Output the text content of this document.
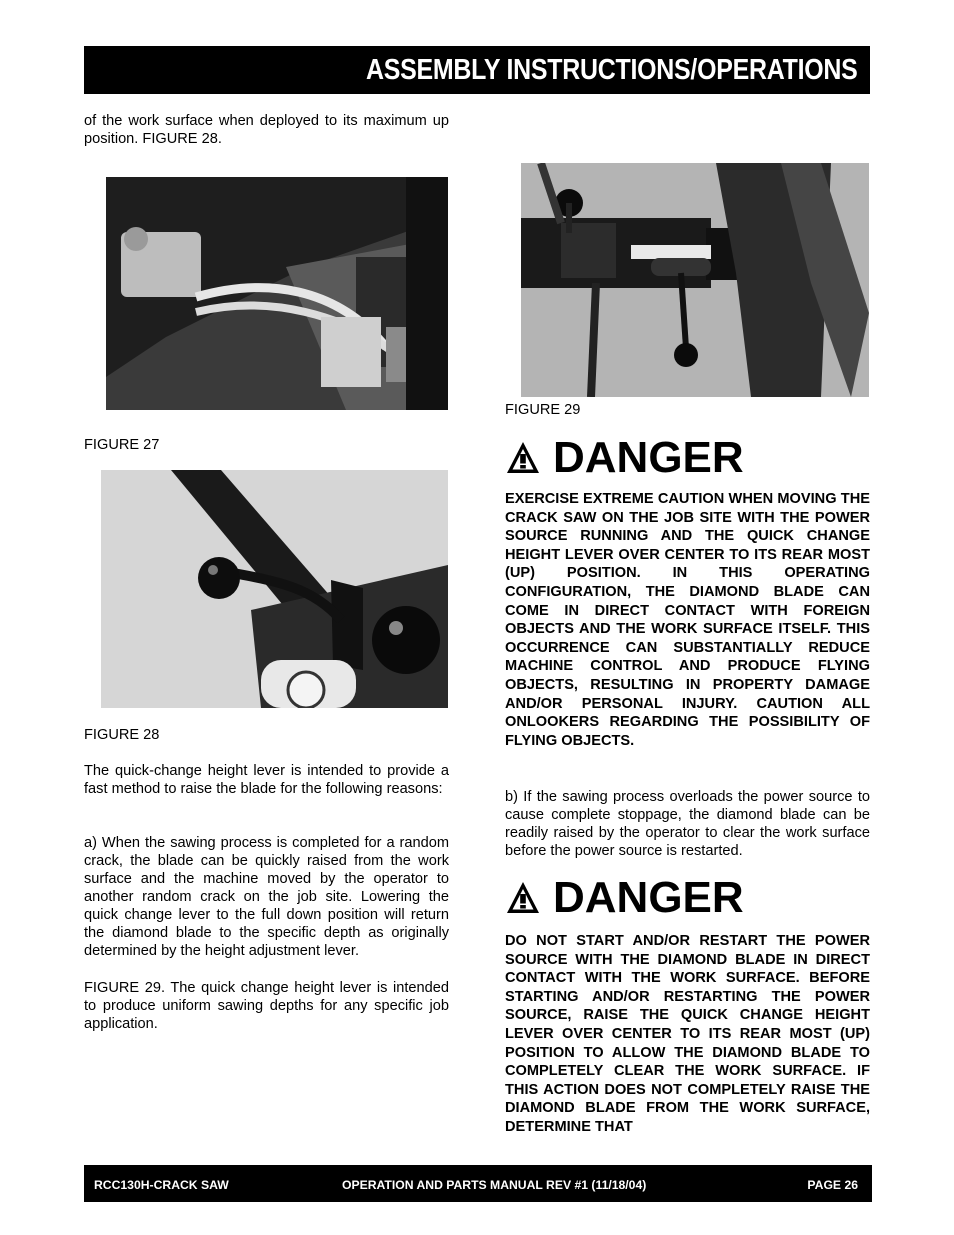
ASSEMBLY INSTRUCTIONS/OPERATIONS

of the work surface when deployed to its maximum up position. FIGURE 28.

FIGURE 27
FIGURE 28

The quick-change height lever is intended to provide a fast method to raise the blade for the following reasons:

a) When the sawing process is completed for a random crack, the blade can be quickly raised from the work surface and the machine moved by the operator to another random crack on the job site. Lowering the quick change lever to the full down position will return the diamond blade to the specific depth as originally determined by the height adjustment lever.

FIGURE 29. The quick change height lever is intended to produce uniform sawing depths for any specific job application.

FIGURE 29
DANGER

EXERCISE EXTREME CAUTION WHEN MOVING THE CRACK SAW ON THE JOB SITE WITH THE POWER SOURCE RUNNING AND THE QUICK CHANGE HEIGHT LEVER OVER CENTER TO ITS REAR MOST (UP) POSITION. IN THIS OPERATING CONFIGURATION, THE DIAMOND BLADE CAN COME IN DIRECT CONTACT WITH FOREIGN OBJECTS AND THE WORK SURFACE ITSELF. THIS OCCURRENCE CAN SUBSTANTIALLY REDUCE MACHINE CONTROL AND PRODUCE FLYING OBJECTS, RESULTING IN PROPERTY DAMAGE AND/OR PERSONAL INJURY. CAUTION ALL ONLOOKERS REGARDING THE POSSIBILITY OF FLYING OBJECTS.

b) If the sawing process overloads the power source to cause complete stoppage, the diamond blade can be readily raised by the operator to clear the work surface before the power source is restarted.

DANGER

DO NOT START AND/OR RESTART THE POWER SOURCE WITH THE DIAMOND BLADE IN DIRECT CONTACT WITH THE WORK SURFACE. BEFORE STARTING AND/OR RESTARTING THE POWER SOURCE, RAISE THE QUICK CHANGE HEIGHT LEVER OVER CENTER TO ITS REAR MOST (UP) POSITION TO ALLOW THE DIAMOND BLADE TO COMPLETELY CLEAR THE WORK SURFACE. IF THIS ACTION DOES NOT COMPLETELY RAISE THE DIAMOND BLADE FROM THE WORK SURFACE, DETERMINE THAT

RCC130H-CRACK SAW	OPERATION AND PARTS MANUAL REV #1 (11/18/04)	PAGE 26
